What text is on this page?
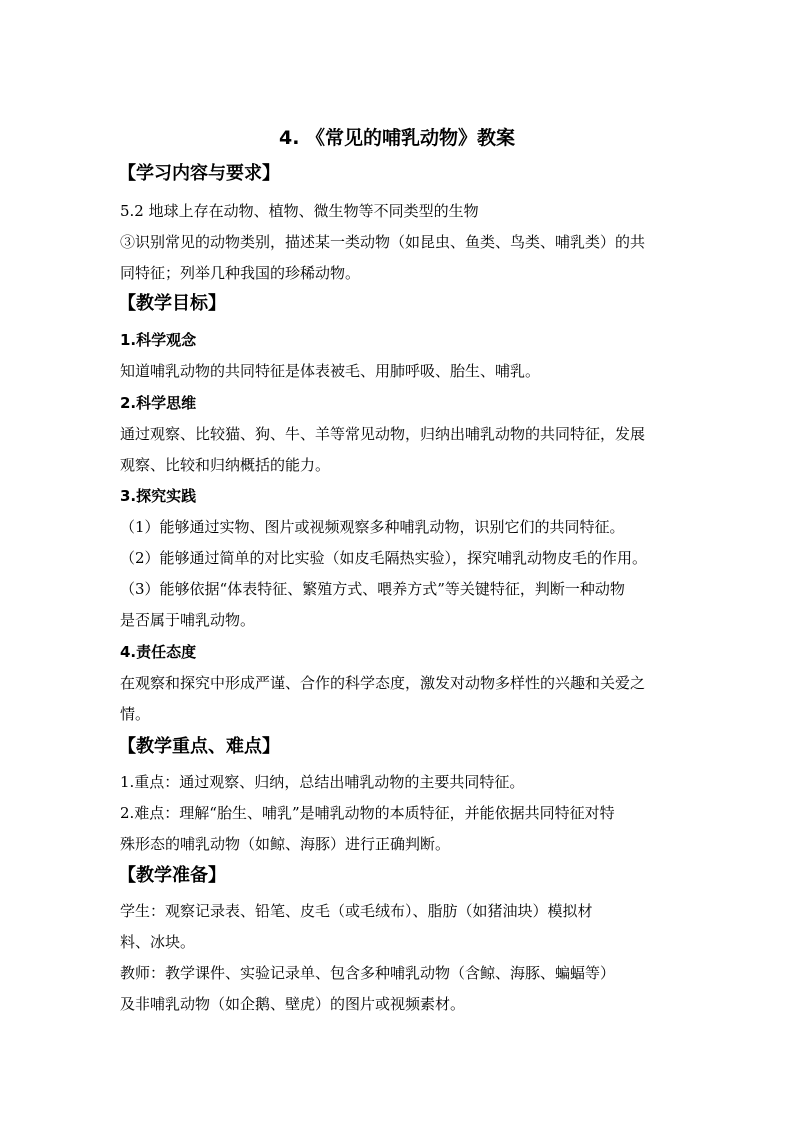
4. 《常见的哺乳动物》教案
【学习内容与要求】
5.2 地球上存在动物、植物、微生物等不同类型的生物
③识别常见的动物类别，描述某一类动物（如昆虫、鱼类、鸟类、哺乳类）的共
同特征；列举几种我国的珍稀动物。
【教学目标】
1.科学观念
知道哺乳动物的共同特征是体表被毛、用肺呼吸、胎生、哺乳。
2.科学思维
通过观察、比较猫、狗、牛、羊等常见动物，归纳出哺乳动物的共同特征，发展
观察、比较和归纳概括的能力。
3.探究实践
（1）能够通过实物、图片或视频观察多种哺乳动物，识别它们的共同特征。
（2）能够通过简单的对比实验（如皮毛隔热实验），探究哺乳动物皮毛的作用。
（3）能够依据“体表特征、繁殖方式、喂养方式”等关键特征，判断一种动物
是否属于哺乳动物。
4.责任态度
在观察和探究中形成严谨、合作的科学态度，激发对动物多样性的兴趣和关爱之
情。
【教学重点、难点】
1.重点：通过观察、归纳，总结出哺乳动物的主要共同特征。
2.难点：理解“胎生、哺乳”是哺乳动物的本质特征，并能依据共同特征对特
殊形态的哺乳动物（如鲸、海豚）进行正确判断。
【教学准备】
学生：观察记录表、铅笔、皮毛（或毛绒布）、脂肪（如猪油块）模拟材
料、冰块。
教师：教学课件、实验记录单、包含多种哺乳动物（含鲸、海豚、蝙蝠等）
及非哺乳动物（如企鹅、壁虎）的图片或视频素材。
